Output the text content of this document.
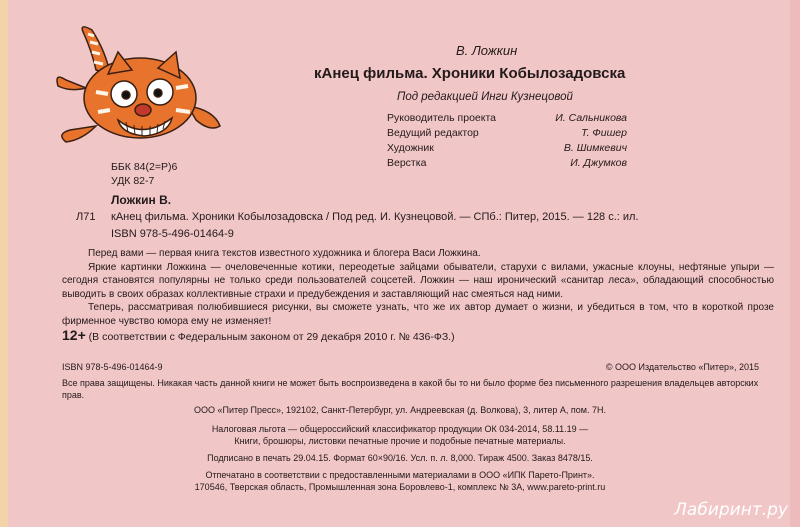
В. Ложкин
кАнец фильма. Хроники Кобылозадовска
Под редакцией Инги Кузнецовой
Руководитель проекта	И. Сальникова
Ведущий редактор	Т. Фишер
Художник	В. Шимкевич
Верстка	И. Джумков
ББК 84(2=Р)6
УДК 82-7
Ложкин В.
Л71 кАнец фильма. Хроники Кобылозадовска / Под ред. И. Кузнецовой. — СПб.: Питер, 2015. — 128 с.: ил.
ISBN 978-5-496-01464-9

Перед вами — первая книга текстов известного художника и блогера Васи Ложкина.

Яркие картинки Ложкина — очеловеченные котики, переодетые зайцами обыватели, старухи с вилами, ужасные клоуны, нефтяные упыри — сегодня становятся популярны не только среди пользователей соцсетей. Ложкин — наш иронический «санитар леса», обладающий способностью выводить в своих образах коллективные страхи и предубеждения и заставляющий нас смеяться над ними.

Теперь, рассматривая полюбившиеся рисунки, вы сможете узнать, что же их автор думает о жизни, и убедиться в том, что в короткой прозе фирменное чувство юмора ему не изменяет!

12+ (В соответствии с Федеральным законом от 29 декабря 2010 г. № 436-ФЗ.)
ISBN 978-5-496-01464-9	© ООО Издательство «Питер», 2015
Все права защищены. Никакая часть данной книги не может быть воспроизведена в какой бы то ни было форме без письменного разрешения владельцев авторских прав.
ООО «Питер Пресс», 192102, Санкт-Петербург, ул. Андреевская (д. Волкова), 3, литер А, пом. 7Н.
Налоговая льгота — общероссийский классификатор продукции ОК 034-2014, 58.11.19 —
Книги, брошюры, листовки печатные прочие и подобные печатные материалы.
Подписано в печать 29.04.15. Формат 60×90/16. Усл. п. л. 8,000. Тираж 4500. Заказ 8478/15.
Отпечатано в соответствии с предоставленными материалами в ООО «ИПК Парето-Принт».
170546, Тверская область, Промышленная зона Боровлево-1, комплекс № 3А, www.pareto-print.ru
Лабиринт.ру
